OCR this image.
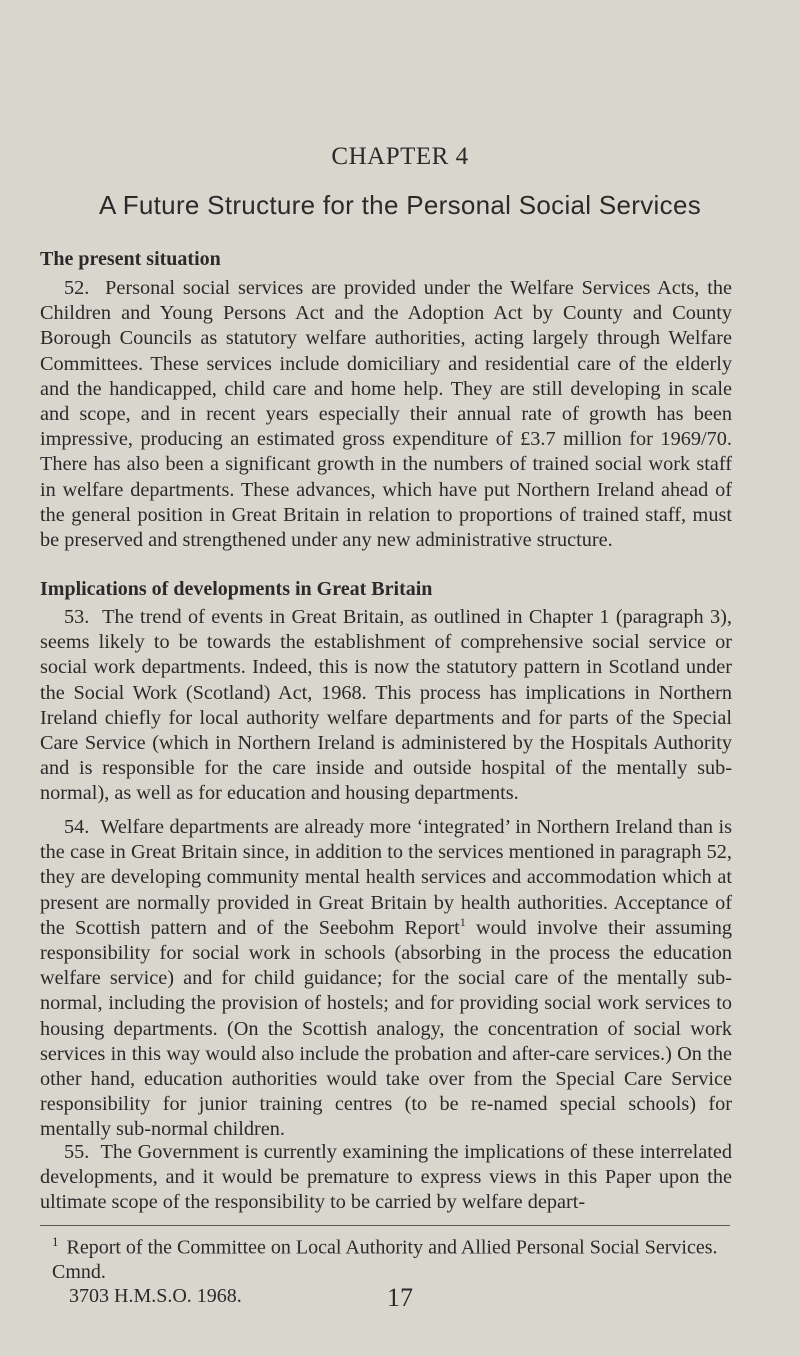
CHAPTER 4
A Future Structure for the Personal Social Services
The present situation

52. Personal social services are provided under the Welfare Services Acts, the Children and Young Persons Act and the Adoption Act by County and County Borough Councils as statutory welfare authorities, acting largely through Welfare Committees. These services include domiciliary and residential care of the elderly and the handicapped, child care and home help. They are still developing in scale and scope, and in recent years especially their annual rate of growth has been impressive, producing an estimated gross expenditure of £3.7 million for 1969/70. There has also been a significant growth in the numbers of trained social work staff in welfare departments. These advances, which have put Northern Ireland ahead of the general position in Great Britain in relation to proportions of trained staff, must be preserved and strengthened under any new administrative structure.

Implications of developments in Great Britain

53. The trend of events in Great Britain, as outlined in Chapter 1 (paragraph 3), seems likely to be towards the establishment of comprehensive social service or social work departments. Indeed, this is now the statutory pattern in Scotland under the Social Work (Scotland) Act, 1968. This process has implications in Northern Ireland chiefly for local authority welfare departments and for parts of the Special Care Service (which in Northern Ireland is administered by the Hospitals Authority and is responsible for the care inside and outside hospital of the mentally sub-normal), as well as for education and housing departments.

54. Welfare departments are already more ‘integrated’ in Northern Ireland than is the case in Great Britain since, in addition to the services mentioned in paragraph 52, they are developing community mental health services and accommodation which at present are normally provided in Great Britain by health authorities. Acceptance of the Scottish pattern and of the Seebohm Report$^1$ would involve their assuming responsibility for social work in schools (absorbing in the process the education welfare service) and for child guidance; for the social care of the mentally sub-normal, including the provision of hostels; and for providing social work services to housing departments. (On the Scottish analogy, the concentration of social work services in this way would also include the probation and after-care services.) On the other hand, education authorities would take over from the Special Care Service responsibility for junior training centres (to be re-named special schools) for mentally sub-normal children.

55. The Government is currently examining the implications of these interrelated developments, and it would be premature to express views in this Paper upon the ultimate scope of the responsibility to be carried by welfare depart-

$^1$ Report of the Committee on Local Authority and Allied Personal Social Services. Cmnd.
3703 H.M.S.O. 1968.	17
